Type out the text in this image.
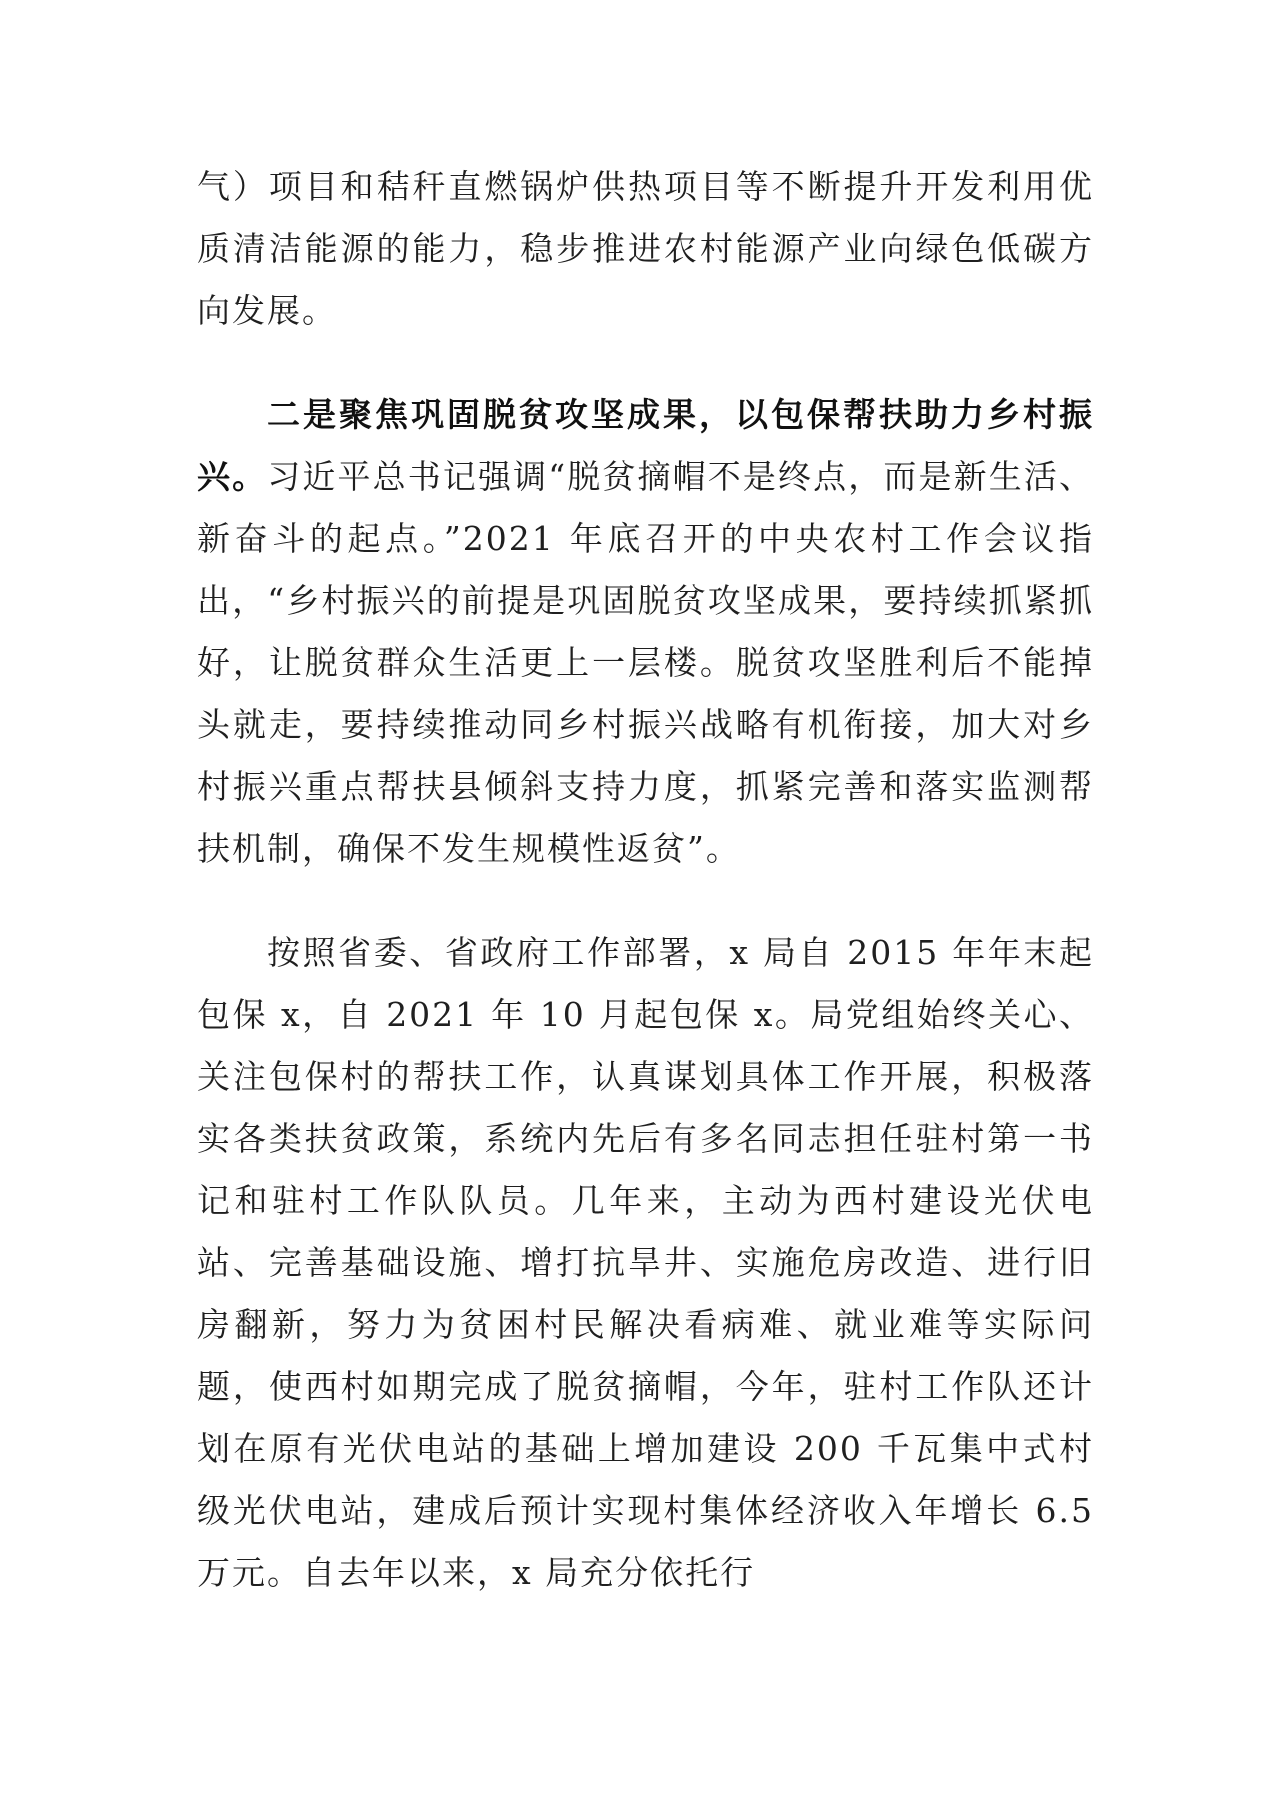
气）项目和秸秆直燃锅炉供热项目等不断提升开发利用优质清洁能源的能力，稳步推进农村能源产业向绿色低碳方向发展。

二是聚焦巩固脱贫攻坚成果，以包保帮扶助力乡村振兴。习近平总书记强调“脱贫摘帽不是终点，而是新生活、新奋斗的起点。”2021 年底召开的中央农村工作会议指出，“乡村振兴的前提是巩固脱贫攻坚成果，要持续抓紧抓好，让脱贫群众生活更上一层楼。脱贫攻坚胜利后不能掉头就走，要持续推动同乡村振兴战略有机衔接，加大对乡村振兴重点帮扶县倾斜支持力度，抓紧完善和落实监测帮扶机制，确保不发生规模性返贫”。

按照省委、省政府工作部署，x 局自 2015 年年末起包保 x，自 2021 年 10 月起包保 x。局党组始终关心、关注包保村的帮扶工作，认真谋划具体工作开展，积极落实各类扶贫政策，系统内先后有多名同志担任驻村第一书记和驻村工作队队员。几年来，主动为西村建设光伏电站、完善基础设施、增打抗旱井、实施危房改造、进行旧房翻新，努力为贫困村民解决看病难、就业难等实际问题，使西村如期完成了脱贫摘帽，今年，驻村工作队还计划在原有光伏电站的基础上增加建设 200 千瓦集中式村级光伏电站，建成后预计实现村集体经济收入年增长 6.5 万元。自去年以来，x 局充分依托行
